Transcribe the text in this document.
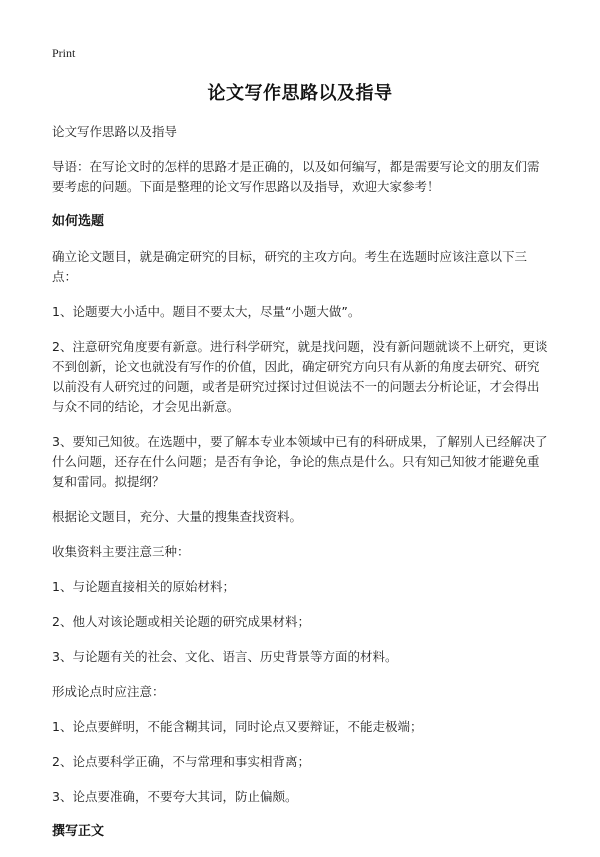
Print
论文写作思路以及指导

论文写作思路以及指导

导语：在写论文时的怎样的思路才是正确的，以及如何编写，都是需要写论文的朋友们需要考虑的问题。下面是整理的论文写作思路以及指导，欢迎大家参考！

如何选题

确立论文题目，就是确定研究的目标，研究的主攻方向。考生在选题时应该注意以下三点：

1、论题要大小适中。题目不要太大，尽量“小题大做”。

2、注意研究角度要有新意。进行科学研究，就是找问题，没有新问题就谈不上研究，更谈不到创新，论文也就没有写作的价值，因此，确定研究方向只有从新的角度去研究、研究以前没有人研究过的问题，或者是研究过探讨过但说法不一的问题去分析论证，才会得出与众不同的结论，才会见出新意。

3、要知己知彼。在选题中，要了解本专业本领域中已有的科研成果，了解别人已经解决了什么问题，还存在什么问题；是否有争论，争论的焦点是什么。只有知己知彼才能避免重复和雷同。拟提纲？

根据论文题目，充分、大量的搜集查找资料。

收集资料主要注意三种：

1、与论题直接相关的原始材料；

2、他人对该论题或相关论题的研究成果材料；

3、与论题有关的社会、文化、语言、历史背景等方面的材料。

形成论点时应注意：

1、论点要鲜明，不能含糊其词，同时论点又要辩证，不能走极端；

2、论点要科学正确，不与常理和事实相背离；

3、论点要准确，不要夸大其词，防止偏颇。

撰写正文
